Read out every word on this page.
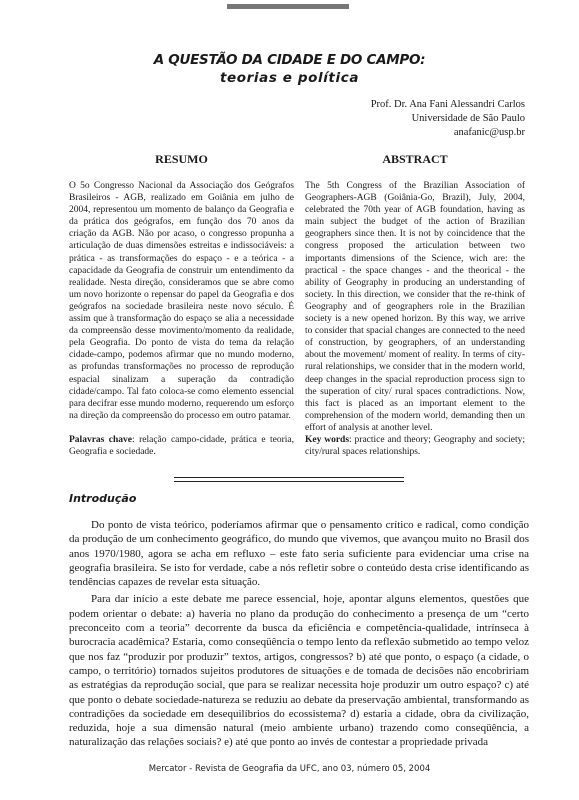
A QUESTÃO DA CIDADE E DO CAMPO:
teorias e política
Prof. Dr. Ana Fani Alessandri Carlos
Universidade de São Paulo
anafanic@usp.br
RESUMO	ABSTRACT
O 5o Congresso Nacional da Associação dos Geógrafos Brasileiros - AGB, realizado em Goiânia em julho de 2004, representou um momento de balanço da Geografia e da prática dos geógrafos, em função dos 70 anos da criação da AGB. Não por acaso, o congresso propunha a articulação de duas dimensões estreitas e indissociáveis: a prática - as transformações do espaço - e a teórica - a capacidade da Geografia de construir um entendimento da realidade. Nesta direção, consideramos que se abre como um novo horizonte o repensar do papel da Geografia e dos geógrafos na sociedade brasileira neste novo século. É assim que à transformação do espaço se alia a necessidade da compreensão desse movimento/momento da realidade, pela Geografia. Do ponto de vista do tema da relação cidade-campo, podemos afirmar que no mundo moderno, as profundas transformações no processo de reprodução espacial sinalizam a superação da contradição cidade/campo. Tal fato coloca-se como elemento essencial para decifrar esse mundo moderno, requerendo um esforço na direção da compreensão do processo em outro patamar.
The 5th Congress of the Brazilian Association of Geographers-AGB (Goiânia-Go, Brazil), July, 2004, celebrated the 70th year of AGB foundation, having as main subject the budget of the action of Brazilian geographers since then. It is not by coincidence that the congress proposed the articulation between two importants dimensions of the Science, wich are: the practical - the space changes - and the theorical - the ability of Geography in producing an understanding of society. In this direction, we consider that the re-think of Geography and of geographers role in the Brazilian society is a new opened horizon. By this way, we arrive to consider that spacial changes are connected to the need of construction, by geographers, of an understanding about the movement/ moment of reality. In terms of city-rural relationships, we consider that in the modern world, deep changes in the spacial reproduction process sign to the superation of city/ rural spaces contradictions. Now, this fact is placed as an important element to the comprehension of the modern world, demanding then un effort of analysis at another level.
Palavras chave: relação campo-cidade, prática e teoria, Geografia e sociedade.
Key words: practice and theory; Geography and society; city/rural spaces relationships.
Introdução

Do ponto de vista teórico, poderíamos afirmar que o pensamento crítico e radical, como condição da produção de um conhecimento geográfico, do mundo que vivemos, que avançou muito no Brasil dos anos 1970/1980, agora se acha em refluxo – este fato seria suficiente para evidenciar uma crise na geografia brasileira. Se isto for verdade, cabe a nós refletir sobre o conteúdo desta crise identificando as tendências capazes de revelar esta situação.

Para dar início a este debate me parece essencial, hoje, apontar alguns elementos, questões que podem orientar o debate: a) haveria no plano da produção do conhecimento a presença de um “certo preconceito com a teoria” decorrente da busca da eficiência e competência-qualidade, intrínseca à burocracia acadêmica? Estaria, como conseqüência o tempo lento da reflexão submetido ao tempo veloz que nos faz “produzir por produzir” textos, artigos, congressos? b) até que ponto, o espaço (a cidade, o campo, o território) tornados sujeitos produtores de situações e de tomada de decisões não encobririam as estratégias da reprodução social, que para se realizar necessita hoje produzir um outro espaço? c) até que ponto o debate sociedade-natureza se reduziu ao debate da preservação ambiental, transformando as contradições da sociedade em desequilíbrios do ecossistema? d) estaria a cidade, obra da civilização, reduzida, hoje a sua dimensão natural (meio ambiente urbano) trazendo como conseqüência, a naturalização das relações sociais? e) até que ponto ao invés de contestar a propriedade privada

Mercator - Revista de Geografia da UFC, ano 03, número 05, 2004
